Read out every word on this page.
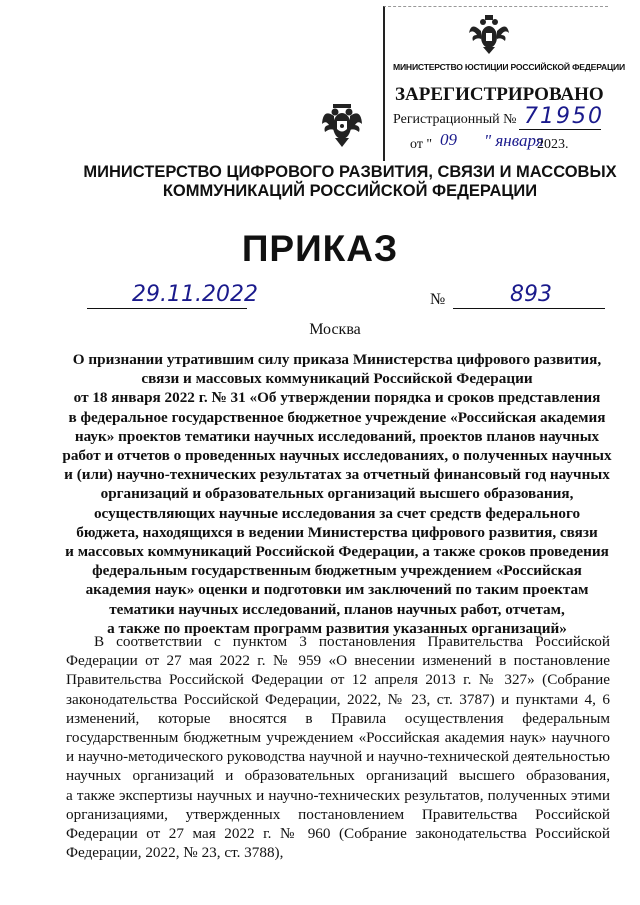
МИНИСТЕРСТВО ЮСТИЦИИ РОССИЙСКОЙ ФЕДЕРАЦИИ
ЗАРЕГИСТРИРОВАНО
Регистрационный № 71950
от " 09 " января
2023.
МИНИСТЕРСТВО ЦИФРОВОГО РАЗВИТИЯ, СВЯЗИ И МАССОВЫХ
КОММУНИКАЦИЙ РОССИЙСКОЙ ФЕДЕРАЦИИ
ПРИКАЗ
29.11.2022	№	893
Москва
О признании утратившим силу приказа Министерства цифрового развития,
связи и массовых коммуникаций Российской Федерации
от 18 января 2022 г. № 31 «Об утверждении порядка и сроков представления
в федеральное государственное бюджетное учреждение «Российская академия
наук» проектов тематики научных исследований, проектов планов научных
работ и отчетов о проведенных научных исследованиях, о полученных научных
и (или) научно-технических результатах за отчетный финансовый год научных
организаций и образовательных организаций высшего образования,
осуществляющих научные исследования за счет средств федерального
бюджета, находящихся в ведении Министерства цифрового развития, связи
и массовых коммуникаций Российской Федерации, а также сроков проведения
федеральным государственным бюджетным учреждением «Российская
академия наук» оценки и подготовки им заключений по таким проектам
тематики научных исследований, планов научных работ, отчетам,
а также по проектам программ развития указанных организаций»
В соответствии с пунктом 3 постановления Правительства Российской
Федерации от 27 мая 2022 г. № 959 «О внесении изменений в постановление
Правительства Российской Федерации от 12 апреля 2013 г. № 327» (Собрание
законодательства Российской Федерации, 2022, № 23, ст. 3787) и пунктами 4, 6
изменений, которые вносятся в Правила осуществления федеральным
государственным бюджетным учреждением «Российская академия наук» научного
и научно-методического руководства научной и научно-технической деятельностью
научных организаций и образовательных организаций высшего образования,
а также экспертизы научных и научно-технических результатов, полученных этими
организациями, утвержденных постановлением Правительства Российской
Федерации от 27 мая 2022 г. № 960 (Собрание законодательства Российской
Федерации, 2022, № 23, ст. 3788),
